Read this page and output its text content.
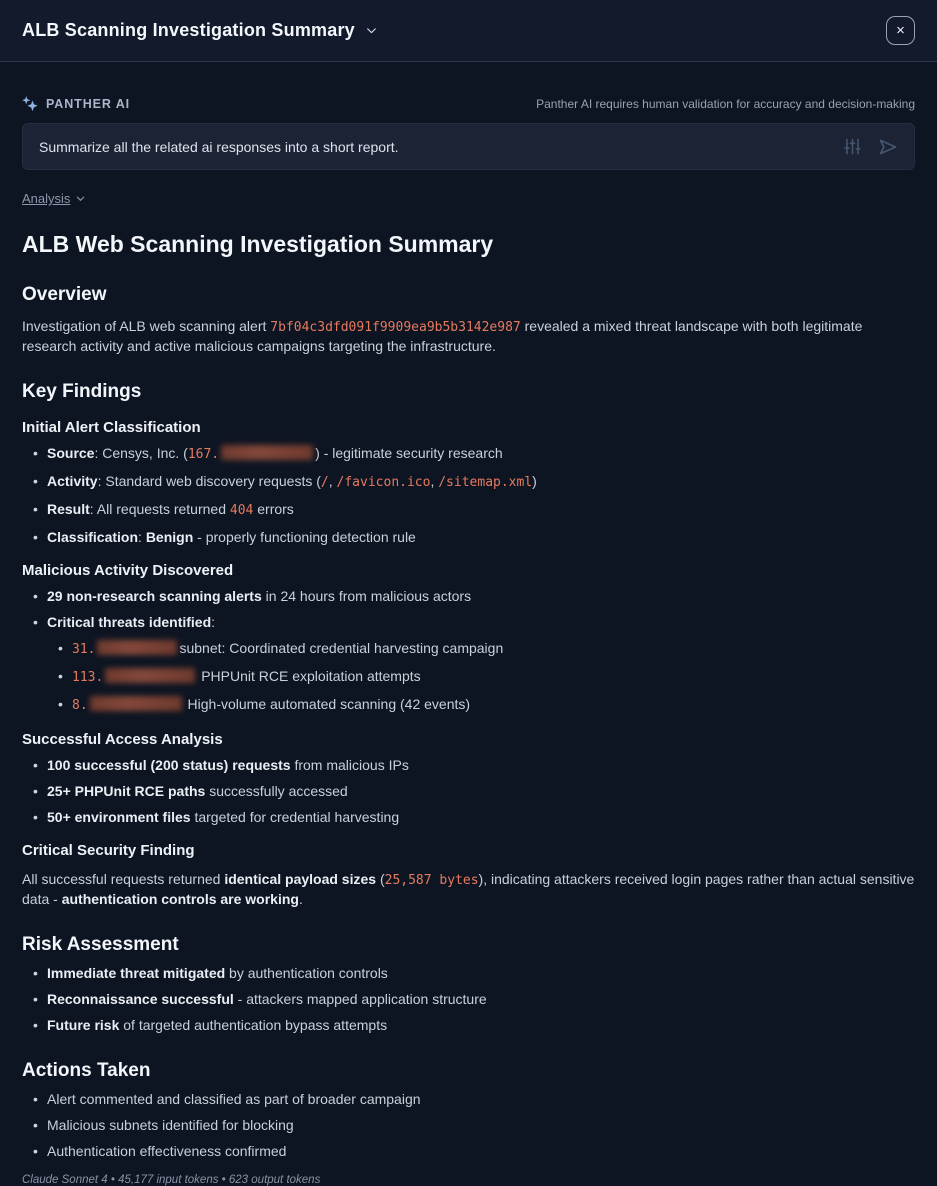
ALB Scanning Investigation Summary	×
PANTHER AI	Panther AI requires human validation for accuracy and decision-making
Summarize all the related ai responses into a short report.
Analysis
ALB Web Scanning Investigation Summary
Overview

Investigation of ALB web scanning alert 7bf04c3dfd091f9909ea9b5b3142e987 revealed a mixed threat landscape with both legitimate research activity and active malicious campaigns targeting the infrastructure.

Key Findings
Initial Alert Classification
• Source: Censys, Inc. (167.	) - legitimate security research
• Activity: Standard web discovery requests (/, /favicon.ico, /sitemap.xml)
• Result: All requests returned 404 errors
• Classification: Benign - properly functioning detection rule
Malicious Activity Discovered
• 29 non-research scanning alerts in 24 hours from malicious actors
• Critical threats identified:
• 31.	subnet: Coordinated credential harvesting campaign
• 113.	PHPUnit RCE exploitation attempts
• 8.	High-volume automated scanning (42 events)
Successful Access Analysis
• 100 successful (200 status) requests from malicious IPs
• 25+ PHPUnit RCE paths successfully accessed
• 50+ environment files targeted for credential harvesting
Critical Security Finding

All successful requests returned identical payload sizes (25,587 bytes), indicating attackers received login pages rather than actual sensitive data - authentication controls are working.

Risk Assessment
• Immediate threat mitigated by authentication controls
• Reconnaissance successful - attackers mapped application structure
• Future risk of targeted authentication bypass attempts
Actions Taken
• Alert commented and classified as part of broader campaign
• Malicious subnets identified for blocking
• Authentication effectiveness confirmed
Claude Sonnet 4 • 45,177 input tokens • 623 output tokens
